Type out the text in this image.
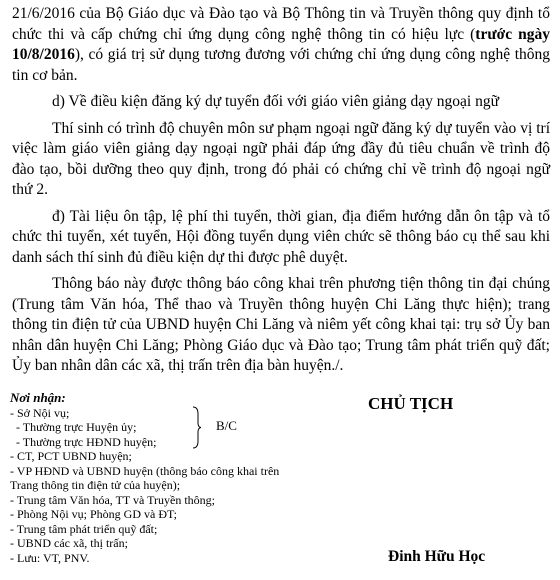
21/6/2016 của Bộ Giáo dục và Đào tạo và Bộ Thông tin và Truyền thông quy định tổ chức thi và cấp chứng chỉ ứng dụng công nghệ thông tin có hiệu lực (trước ngày 10/8/2016), có giá trị sử dụng tương đương với chứng chỉ ứng dụng công nghệ thông tin cơ bản.

d) Về điều kiện đăng ký dự tuyển đối với giáo viên giảng dạy ngoại ngữ

Thí sinh có trình độ chuyên môn sư phạm ngoại ngữ đăng ký dự tuyển vào vị trí việc làm giáo viên giảng dạy ngoại ngữ phải đáp ứng đầy đủ tiêu chuẩn về trình độ đào tạo, bồi dưỡng theo quy định, trong đó phải có chứng chỉ về trình độ ngoại ngữ thứ 2.

đ) Tài liệu ôn tập, lệ phí thi tuyển, thời gian, địa điểm hướng dẫn ôn tập và tổ chức thi tuyển, xét tuyển, Hội đồng tuyển dụng viên chức sẽ thông báo cụ thể sau khi danh sách thí sinh đủ điều kiện dự thi được phê duyệt.

Thông báo này được thông báo công khai trên phương tiện thông tin đại chúng (Trung tâm Văn hóa, Thể thao và Truyền thông huyện Chi Lăng thực hiện); trang thông tin điện tử của UBND huyện Chi Lăng và niêm yết công khai tại: trụ sở Ủy ban nhân dân huyện Chi Lăng; Phòng Giáo dục và Đào tạo; Trung tâm phát triển quỹ đất; Ủy ban nhân dân các xã, thị trấn trên địa bàn huyện./.

Nơi nhận:
- Sở Nội vụ;
- Thường trực Huyện ủy;
- Thường trực HĐND huyện;
B/C
- CT, PCT UBND huyện;
- VP HĐND và UBND huyện (thông báo công khai trên Trang thông tin điện tử của huyện);
- Trung tâm Văn hóa, TT và Truyền thông;
- Phòng Nội vụ; Phòng GD và ĐT;
- Trung tâm phát triển quỹ đất;
- UBND các xã, thị trấn;
- Lưu: VT, PNV.
CHỦ TỊCH
Đinh Hữu Học
